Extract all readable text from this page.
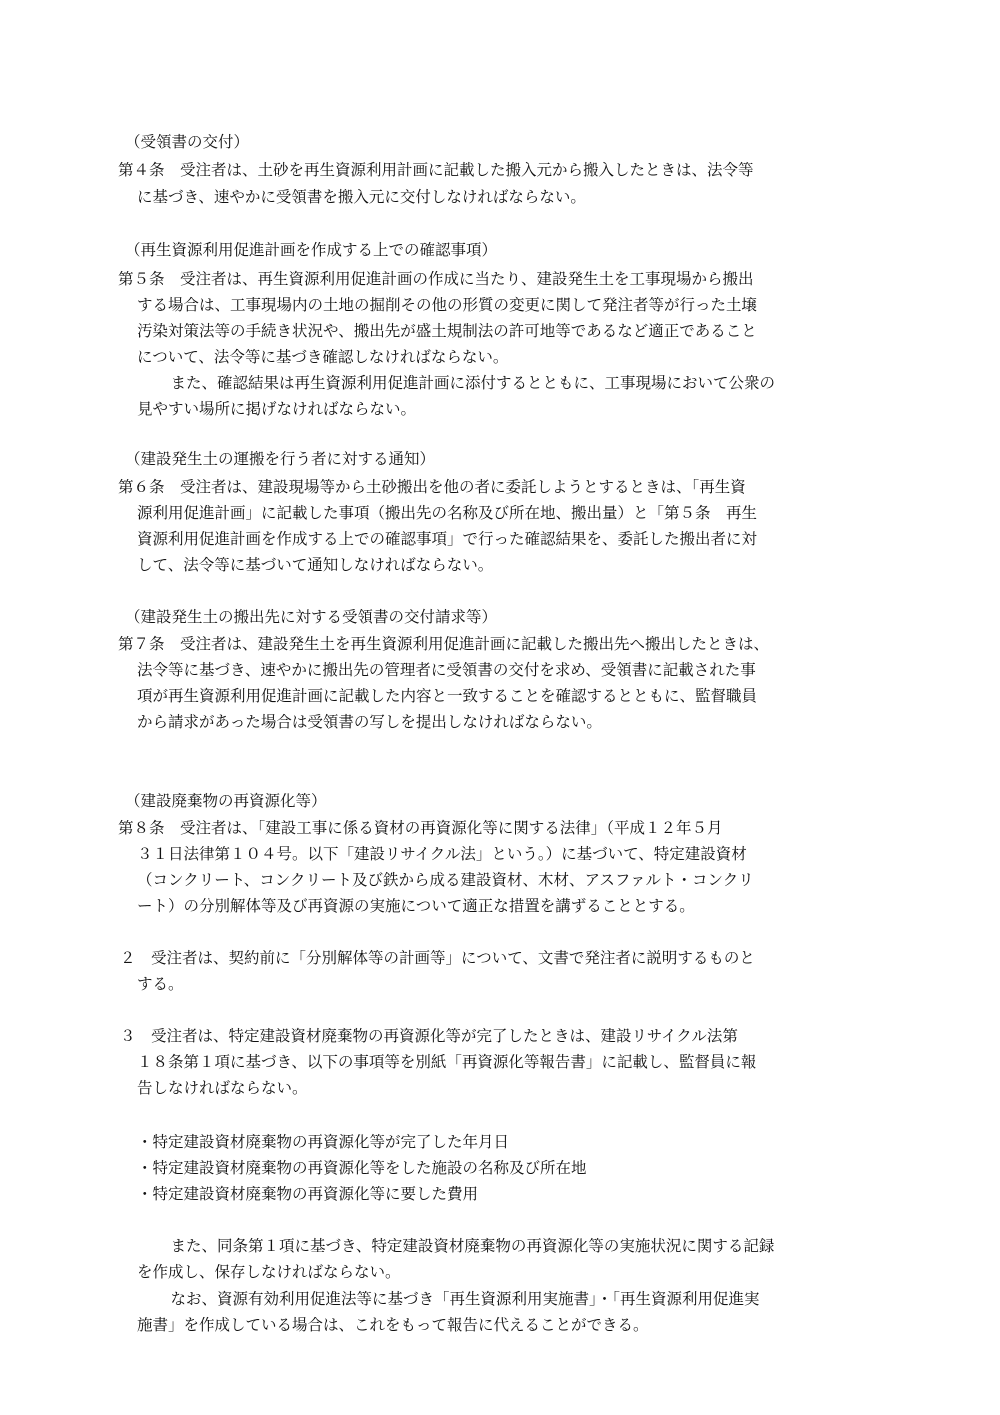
（受領書の交付）
第４条　受注者は、土砂を再生資源利用計画に記載した搬入元から搬入したときは、法令等
に基づき、速やかに受領書を搬入元に交付しなければならない。
（再生資源利用促進計画を作成する上での確認事項）
第５条　受注者は、再生資源利用促進計画の作成に当たり、建設発生土を工事現場から搬出
する場合は、工事現場内の土地の掘削その他の形質の変更に関して発注者等が行った土壌
汚染対策法等の手続き状況や、搬出先が盛土規制法の許可地等であるなど適正であること
について、法令等に基づき確認しなければならない。
　また、確認結果は再生資源利用促進計画に添付するとともに、工事現場において公衆の
見やすい場所に掲げなければならない。
（建設発生土の運搬を行う者に対する通知）
第６条　受注者は、建設現場等から土砂搬出を他の者に委託しようとするときは、「再生資
源利用促進計画」に記載した事項（搬出先の名称及び所在地、搬出量）と「第５条　再生
資源利用促進計画を作成する上での確認事項」で行った確認結果を、委託した搬出者に対
して、法令等に基づいて通知しなければならない。
（建設発生土の搬出先に対する受領書の交付請求等）
第７条　受注者は、建設発生土を再生資源利用促進計画に記載した搬出先へ搬出したときは、
法令等に基づき、速やかに搬出先の管理者に受領書の交付を求め、受領書に記載された事
項が再生資源利用促進計画に記載した内容と一致することを確認するとともに、監督職員
から請求があった場合は受領書の写しを提出しなければならない。
（建設廃棄物の再資源化等）
第８条　受注者は、「建設工事に係る資材の再資源化等に関する法律」（平成１２年５月
３１日法律第１０４号。以下「建設リサイクル法」という。）に基づいて、特定建設資材
（コンクリート、コンクリート及び鉄から成る建設資材、木材、アスファルト・コンクリ
ート）の分別解体等及び再資源の実施について適正な措置を講ずることとする。
２　受注者は、契約前に「分別解体等の計画等」について、文書で発注者に説明するものと
する。
３　受注者は、特定建設資材廃棄物の再資源化等が完了したときは、建設リサイクル法第
１８条第１項に基づき、以下の事項等を別紙「再資源化等報告書」に記載し、監督員に報
告しなければならない。
・特定建設資材廃棄物の再資源化等が完了した年月日
・特定建設資材廃棄物の再資源化等をした施設の名称及び所在地
・特定建設資材廃棄物の再資源化等に要した費用
　また、同条第１項に基づき、特定建設資材廃棄物の再資源化等の実施状況に関する記録
を作成し、保存しなければならない。
　なお、資源有効利用促進法等に基づき「再生資源利用実施書」・「再生資源利用促進実
施書」を作成している場合は、これをもって報告に代えることができる。
